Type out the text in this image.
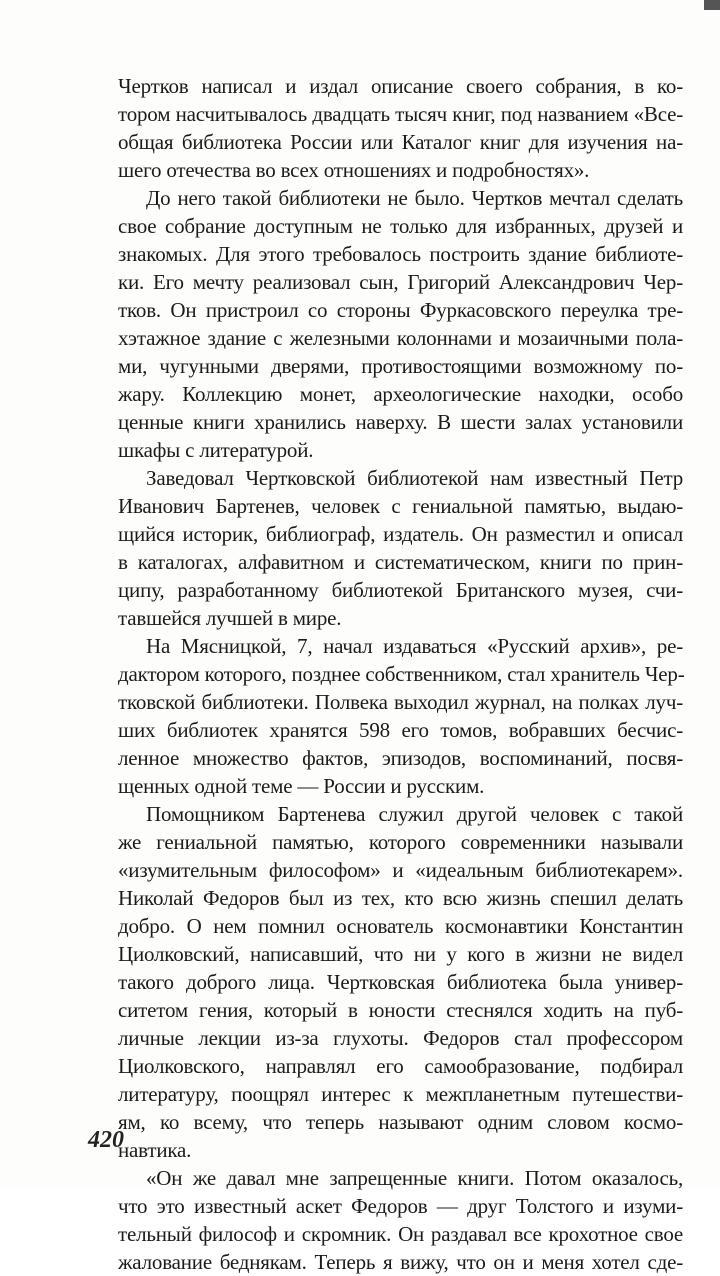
Чертков написал и издал описание своего собрания, в ко-
тором насчитывалось двадцать тысяч книг, под названием «Все-
общая библиотека России или Каталог книг для изучения на-
шего отечества во всех отношениях и подробностях».
До него такой библиотеки не было. Чертков мечтал сделать
свое собрание доступным не только для избранных, друзей и
знакомых. Для этого требовалось построить здание библиоте-
ки. Его мечту реализовал сын, Григорий Александрович Чер-
тков. Он пристроил со стороны Фуркасовского переулка тре-
хэтажное здание с железными колоннами и мозаичными пола-
ми, чугунными дверями, противостоящими возможному по-
жару. Коллекцию монет, археологические находки, особо
ценные книги хранились наверху. В шести залах установили
шкафы с литературой.
Заведовал Чертковской библиотекой нам известный Петр
Иванович Бартенев, человек с гениальной памятью, выдаю-
щийся историк, библиограф, издатель. Он разместил и описал
в каталогах, алфавитном и систематическом, книги по прин-
ципу, разработанному библиотекой Британского музея, счи-
тавшейся лучшей в мире.
На Мясницкой, 7, начал издаваться «Русский архив», ре-
дактором которого, позднее собственником, стал хранитель Чер-
тковской библиотеки. Полвека выходил журнал, на полках луч-
ших библиотек хранятся 598 его томов, вобравших бесчис-
ленное множество фактов, эпизодов, воспоминаний, посвя-
щенных одной теме — России и русским.
Помощником Бартенева служил другой человек с такой
же гениальной памятью, которого современники называли
«изумительным философом» и «идеальным библиотекарем».
Николай Федоров был из тех, кто всю жизнь спешил делать
добро. О нем помнил основатель космонавтики Константин
Циолковский, написавший, что ни у кого в жизни не видел
такого доброго лица. Чертковская библиотека была универ-
ситетом гения, который в юности стеснялся ходить на пуб-
личные лекции из-за глухоты. Федоров стал профессором
Циолковского, направлял его самообразование, подбирал
литературу, поощрял интерес к межпланетным путешестви-
ям, ко всему, что теперь называют одним словом космо-
навтика.
«Он же давал мне запрещенные книги. Потом оказалось,
что это известный аскет Федоров — друг Толстого и изуми-
тельный философ и скромник. Он раздавал все крохотное свое
жалование беднякам. Теперь я вижу, что он и меня хотел сде-
420
